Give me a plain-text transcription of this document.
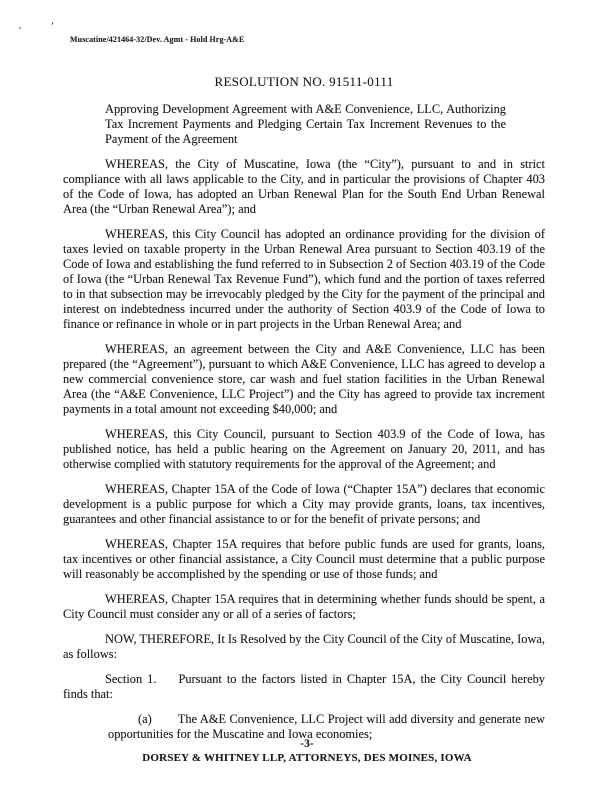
’	’
Muscatine/421464-32/Dev. Agmt - Hold Hrg-A&E
RESOLUTION NO. 91511-0111
Approving Development Agreement with A&E Convenience, LLC, Authorizing Tax Increment Payments and Pledging Certain Tax Increment Revenues to the Payment of the Agreement

WHEREAS, the City of Muscatine, Iowa (the “City”), pursuant to and in strict compliance with all laws applicable to the City, and in particular the provisions of Chapter 403 of the Code of Iowa, has adopted an Urban Renewal Plan for the South End Urban Renewal Area (the “Urban Renewal Area”); and

WHEREAS, this City Council has adopted an ordinance providing for the division of taxes levied on taxable property in the Urban Renewal Area pursuant to Section 403.19 of the Code of Iowa and establishing the fund referred to in Subsection 2 of Section 403.19 of the Code of Iowa (the “Urban Renewal Tax Revenue Fund”), which fund and the portion of taxes referred to in that subsection may be irrevocably pledged by the City for the payment of the principal and interest on indebtedness incurred under the authority of Section 403.9 of the Code of Iowa to finance or refinance in whole or in part projects in the Urban Renewal Area; and

WHEREAS, an agreement between the City and A&E Convenience, LLC has been prepared (the “Agreement”), pursuant to which A&E Convenience, LLC has agreed to develop a new commercial convenience store, car wash and fuel station facilities in the Urban Renewal Area (the “A&E Convenience, LLC Project”) and the City has agreed to provide tax increment payments in a total amount not exceeding $40,000; and

WHEREAS, this City Council, pursuant to Section 403.9 of the Code of Iowa, has published notice, has held a public hearing on the Agreement on January 20, 2011, and has otherwise complied with statutory requirements for the approval of the Agreement; and

WHEREAS, Chapter 15A of the Code of Iowa (“Chapter 15A”) declares that economic development is a public purpose for which a City may provide grants, loans, tax incentives, guarantees and other financial assistance to or for the benefit of private persons; and

WHEREAS, Chapter 15A requires that before public funds are used for grants, loans, tax incentives or other financial assistance, a City Council must determine that a public purpose will reasonably be accomplished by the spending or use of those funds; and

WHEREAS, Chapter 15A requires that in determining whether funds should be spent, a City Council must consider any or all of a series of factors;

NOW, THEREFORE, It Is Resolved by the City Council of the City of Muscatine, Iowa, as follows:

Section 1. Pursuant to the factors listed in Chapter 15A, the City Council hereby finds that:

(a) The A&E Convenience, LLC Project will add diversity and generate new opportunities for the Muscatine and Iowa economies;

-3-
DORSEY & WHITNEY LLP, ATTORNEYS, DES MOINES, IOWA
